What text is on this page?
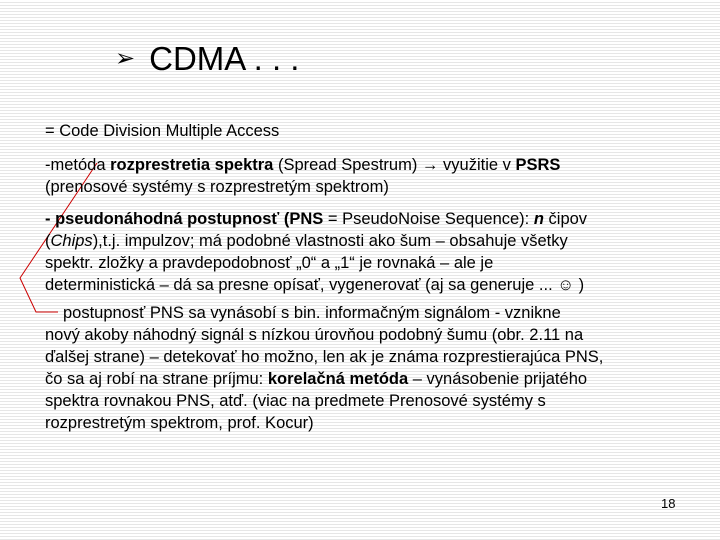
➢ CDMA . . .
= Code Division Multiple Access
-metóda rozprestretia spektra (Spread Spestrum) → využitie v PSRS
(prenosové systémy s rozprestretým spektrom)
- pseudonáhodná postupnosť (PNS = PseudoNoise Sequence): n čipov
(Chips),t.j. impulzov; má podobné vlastnosti ako šum – obsahuje všetky
spektr. zložky a pravdepodobnosť „0“ a „1“ je rovnaká – ale je
deterministická – dá sa presne opísať, vygenerovať (aj sa generuje ... ☺ )
postupnosť PNS sa vynásobí s bin. informačným signálom - vznikne
nový akoby náhodný signál s nízkou úrovňou podobný šumu (obr. 2.11 na
ďalšej strane) – detekovať ho možno, len ak je známa rozprestierajúca PNS,
čo sa aj robí na strane príjmu: korelačná metóda – vynásobenie prijatého
spektra rovnakou PNS, atď. (viac na predmete Prenosové systémy s
rozprestretým spektrom, prof. Kocur)
18
